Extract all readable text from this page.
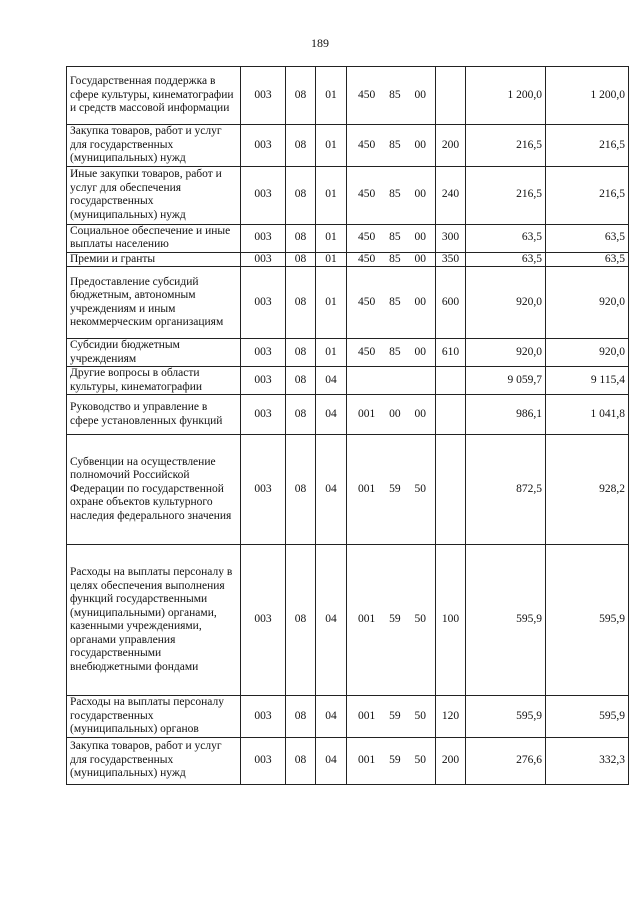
189
Государственная поддержка в сфере культуры, кинематографии и средств массовой информации	003	08	01	450 85 00		1 200,0	1 200,0
Закупка товаров, работ и услуг для государственных (муниципальных) нужд	003	08	01	450 85 00	200	216,5	216,5
Иные закупки товаров, работ и услуг для обеспечения государственных (муниципальных) нужд	003	08	01	450 85 00	240	216,5	216,5
Социальное обеспечение и иные выплаты населению	003	08	01	450 85 00	300	63,5	63,5
Премии и гранты	003	08	01	450 85 00	350	63,5	63,5
Предоставление субсидий бюджетным, автономным учреждениям и иным некоммерческим организациям	003	08	01	450 85 00	600	920,0	920,0
Субсидии бюджетным учреждениям	003	08	01	450 85 00	610	920,0	920,0
Другие вопросы в области культуры, кинематографии	003	08	04			9 059,7	9 115,4
Руководство и управление в сфере установленных функций	003	08	04	001 00 00		986,1	1 041,8
Субвенции на осуществление полномочий Российской Федерации по государственной охране объектов культурного наследия федерального значения	003	08	04	001 59 50		872,5	928,2
Расходы на выплаты персоналу в целях обеспечения выполнения функций государственными (муниципальными) органами, казенными учреждениями, органами управления государственными внебюджетными фондами	003	08	04	001 59 50	100	595,9	595,9
Расходы на выплаты персоналу государственных (муниципальных) органов	003	08	04	001 59 50	120	595,9	595,9
Закупка товаров, работ и услуг для государственных (муниципальных) нужд	003	08	04	001 59 50	200	276,6	332,3
